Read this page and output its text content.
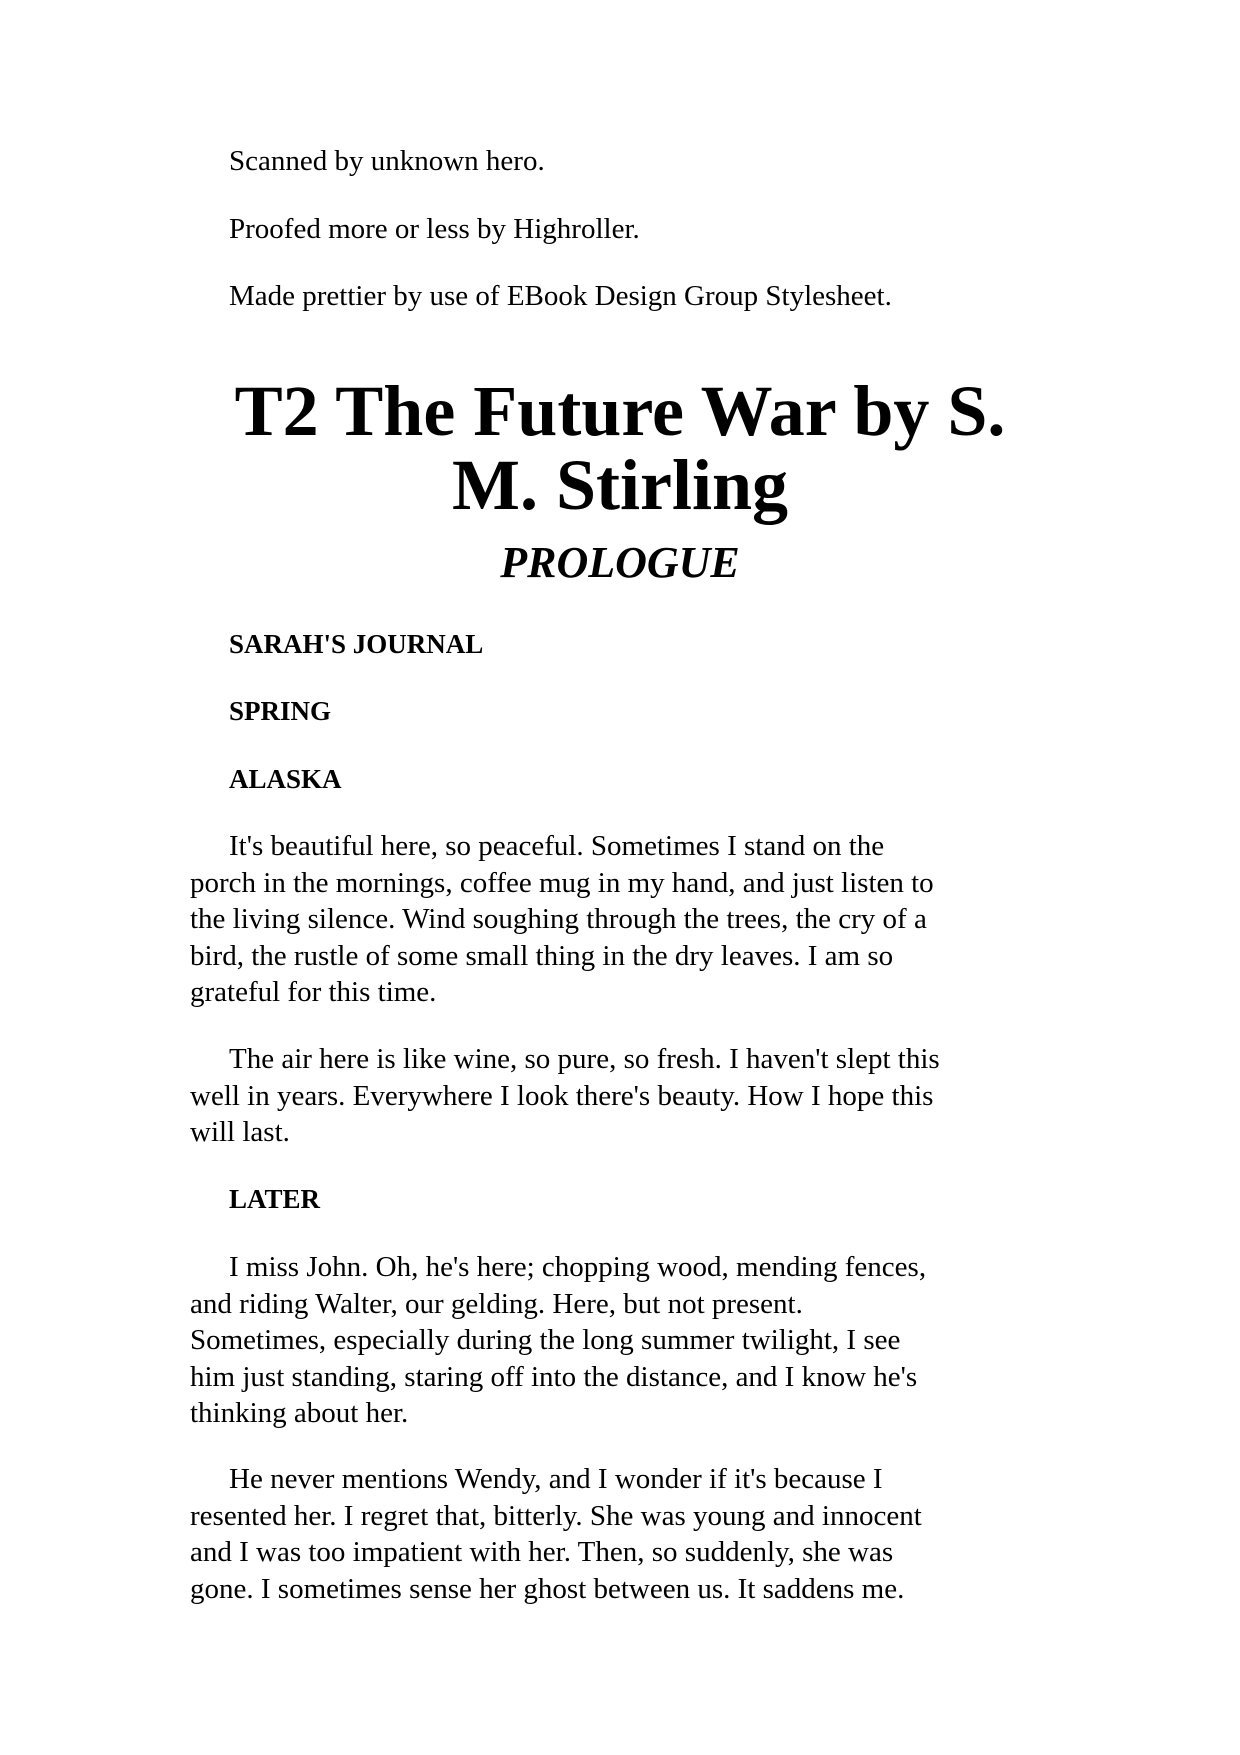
Scanned by unknown hero.
Proofed more or less by Highroller.
Made prettier by use of EBook Design Group Stylesheet.
T2 The Future War by S.
M. Stirling
PROLOGUE
SARAH'S JOURNAL
SPRING
ALASKA
It's beautiful here, so peaceful. Sometimes I stand on the
porch in the mornings, coffee mug in my hand, and just listen to
the living silence. Wind soughing through the trees, the cry of a
bird, the rustle of some small thing in the dry leaves. I am so
grateful for this time.
The air here is like wine, so pure, so fresh. I haven't slept this
well in years. Everywhere I look there's beauty. How I hope this
will last.
LATER
I miss John. Oh, he's here; chopping wood, mending fences,
and riding Walter, our gelding. Here, but not present.
Sometimes, especially during the long summer twilight, I see
him just standing, staring off into the distance, and I know he's
thinking about her.
He never mentions Wendy, and I wonder if it's because I
resented her. I regret that, bitterly. She was young and innocent
and I was too impatient with her. Then, so suddenly, she was
gone. I sometimes sense her ghost between us. It saddens me.
